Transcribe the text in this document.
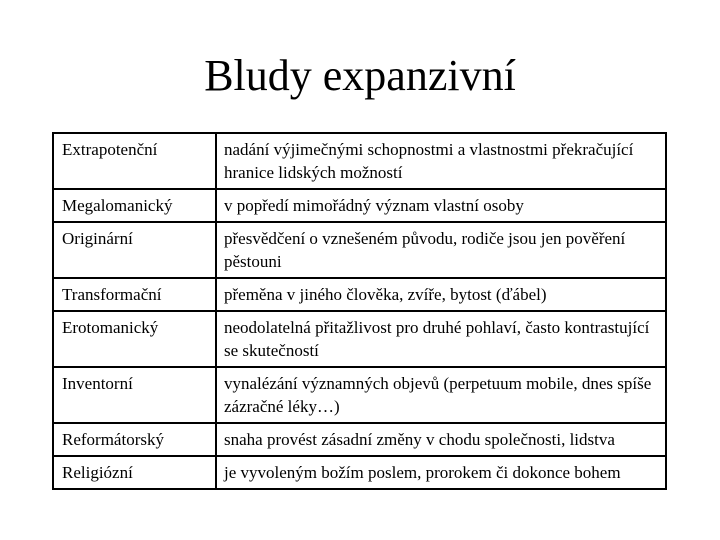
Bludy expanzivní
Extrapotenční	nadání výjimečnými schopnostmi a vlastnostmi překračující hranice lidských možností
Megalomanický	v popředí mimořádný význam vlastní osoby
Originární	přesvědčení o vznešeném původu, rodiče jsou jen pověření pěstouni
Transformační	přeměna v jiného člověka, zvíře, bytost (ďábel)
Erotomanický	neodolatelná přitažlivost pro druhé pohlaví, často kontrastující se skutečností
Inventorní	vynalézání významných objevů (perpetuum mobile, dnes spíše zázračné léky…)
Reformátorský	snaha provést zásadní změny v chodu společnosti, lidstva
Religiózní	je vyvoleným božím poslem, prorokem či dokonce bohem
